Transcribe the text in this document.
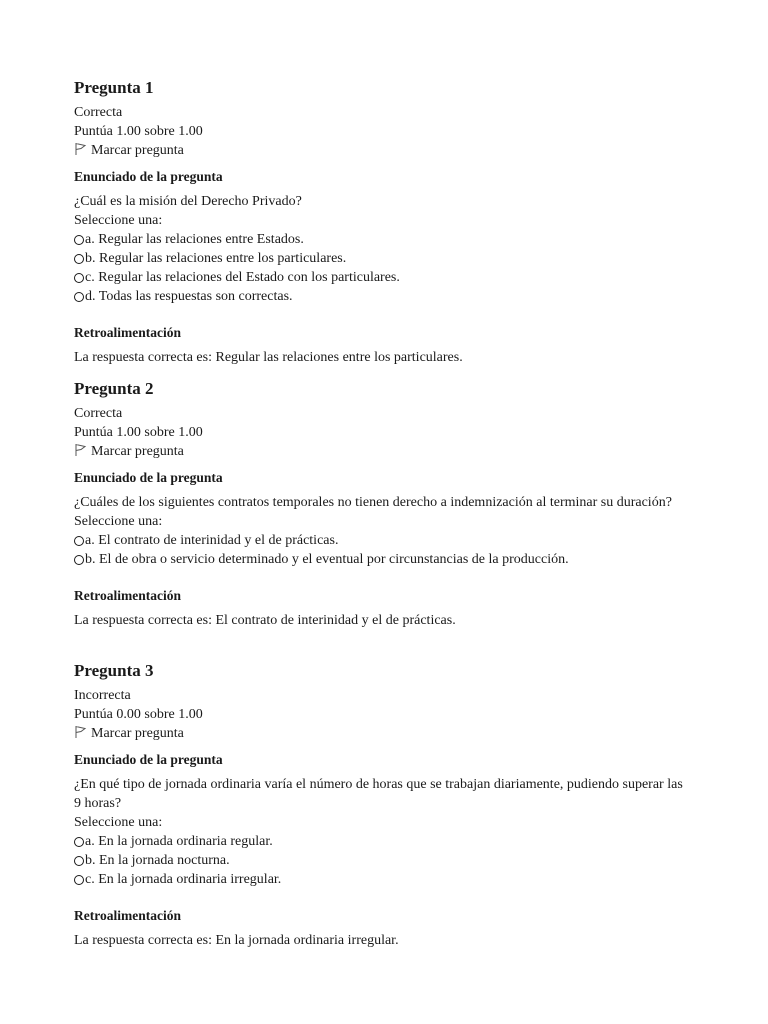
Pregunta 1
Correcta
Puntúa 1.00 sobre 1.00
Marcar pregunta
Enunciado de la pregunta
¿Cuál es la misión del Derecho Privado?
Seleccione una:
a. Regular las relaciones entre Estados.
b. Regular las relaciones entre los particulares.
c. Regular las relaciones del Estado con los particulares.
d. Todas las respuestas son correctas.
Retroalimentación
La respuesta correcta es: Regular las relaciones entre los particulares.
Pregunta 2
Correcta
Puntúa 1.00 sobre 1.00
Marcar pregunta
Enunciado de la pregunta
¿Cuáles de los siguientes contratos temporales no tienen derecho a indemnización al terminar su duración?
Seleccione una:
a. El contrato de interinidad y el de prácticas.
b. El de obra o servicio determinado y el eventual por circunstancias de la producción.
Retroalimentación
La respuesta correcta es: El contrato de interinidad y el de prácticas.
Pregunta 3
Incorrecta
Puntúa 0.00 sobre 1.00
Marcar pregunta
Enunciado de la pregunta
¿En qué tipo de jornada ordinaria varía el número de horas que se trabajan diariamente, pudiendo superar las 9 horas?
Seleccione una:
a. En la jornada ordinaria regular.
b. En la jornada nocturna.
c. En la jornada ordinaria irregular.
Retroalimentación
La respuesta correcta es: En la jornada ordinaria irregular.
